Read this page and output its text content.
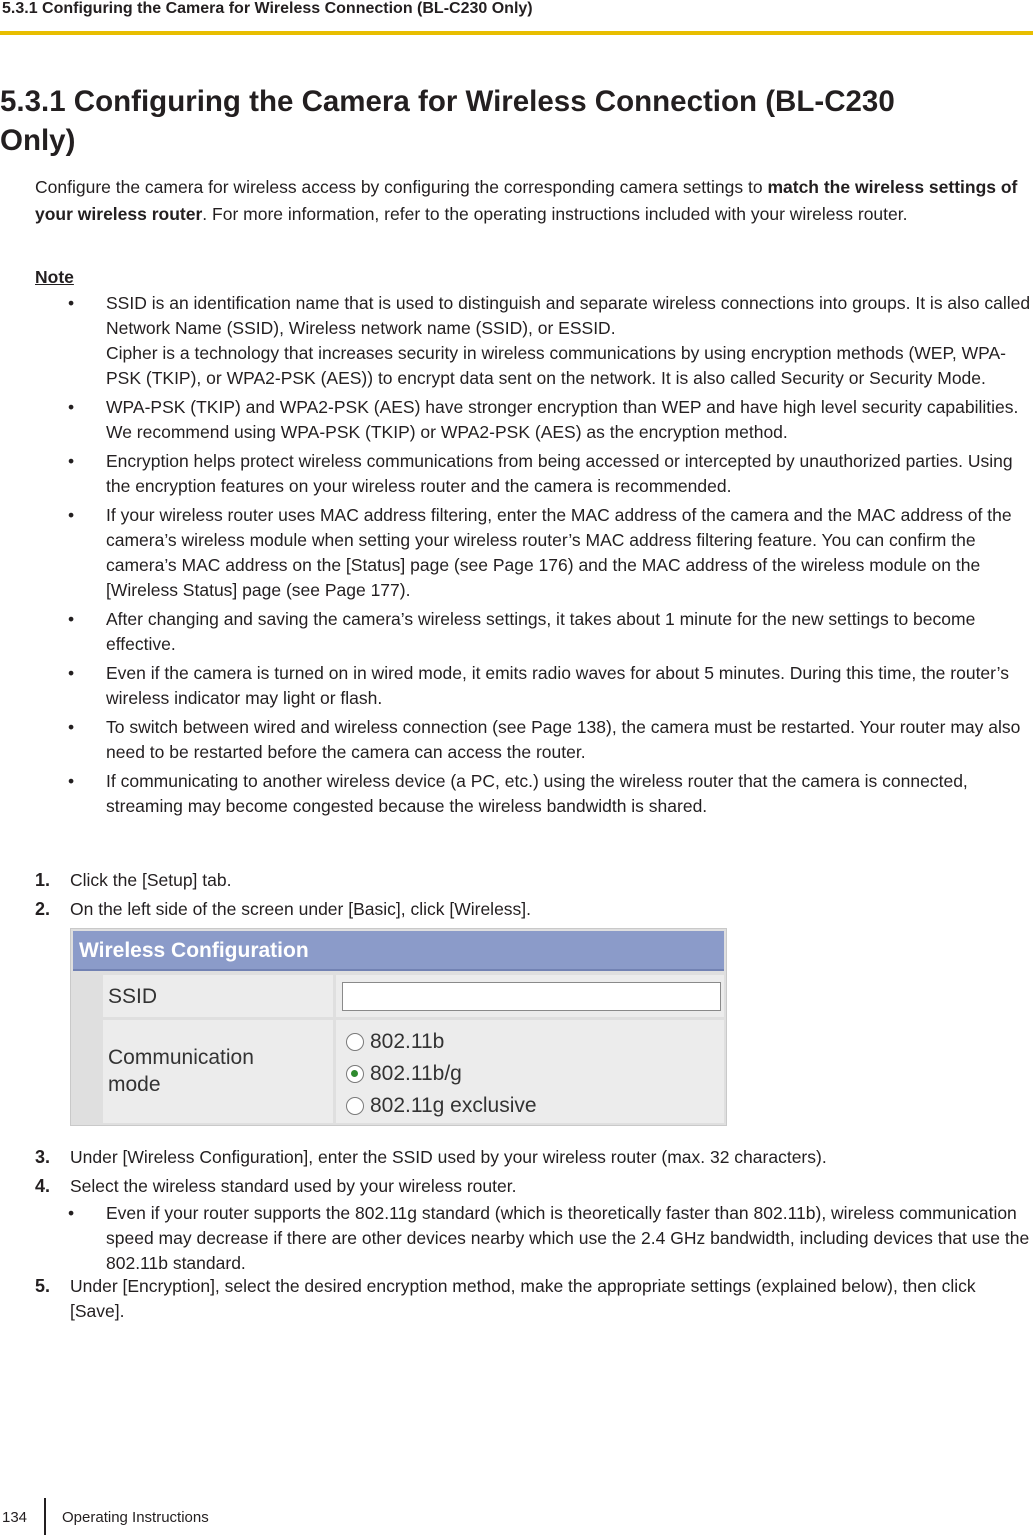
5.3.1 Configuring the Camera for Wireless Connection (BL-C230 Only)
5.3.1 Configuring the Camera for Wireless Connection (BL-C230
Only)

Configure the camera for wireless access by configuring the corresponding camera settings to match the wireless settings of your wireless router. For more information, refer to the operating instructions included with your wireless router.

Note
• SSID is an identification name that is used to distinguish and separate wireless connections into groups. It is also called Network Name (SSID), Wireless network name (SSID), or ESSID.

Cipher is a technology that increases security in wireless communications by using encryption methods (WEP, WPA-PSK (TKIP), or WPA2-PSK (AES)) to encrypt data sent on the network. It is also called Security or Security Mode.

• WPA-PSK (TKIP) and WPA2-PSK (AES) have stronger encryption than WEP and have high level security capabilities. We recommend using WPA-PSK (TKIP) or WPA2-PSK (AES) as the encryption method.

• Encryption helps protect wireless communications from being accessed or intercepted by unauthorized parties. Using the encryption features on your wireless router and the camera is recommended.

• If your wireless router uses MAC address filtering, enter the MAC address of the camera and the MAC address of the camera’s wireless module when setting your wireless router’s MAC address filtering feature. You can confirm the camera’s MAC address on the [Status] page (see Page 176) and the MAC address of the wireless module on the [Wireless Status] page (see Page 177).

• After changing and saving the camera’s wireless settings, it takes about 1 minute for the new settings to become effective.

• Even if the camera is turned on in wired mode, it emits radio waves for about 5 minutes. During this time, the router’s wireless indicator may light or flash.

• To switch between wired and wireless connection (see Page 138), the camera must be restarted. Your router may also need to be restarted before the camera can access the router.

• If communicating to another wireless device (a PC, etc.) using the wireless router that the camera is connected, streaming may become congested because the wireless bandwidth is shared.

1. Click the [Setup] tab.
2. On the left side of the screen under [Basic], click [Wireless].
Wireless Configuration
SSID
Communication
mode
802.11b
802.11b/g
802.11g exclusive
3. Under [Wireless Configuration], enter the SSID used by your wireless router (max. 32 characters).
4. Select the wireless standard used by your wireless router.
• Even if your router supports the 802.11g standard (which is theoretically faster than 802.11b), wireless communication speed may decrease if there are other devices nearby which use the 2.4 GHz bandwidth, including devices that use the 802.11b standard.

5. Under [Encryption], select the desired encryption method, make the appropriate settings (explained below), then click [Save].
134 Operating Instructions
